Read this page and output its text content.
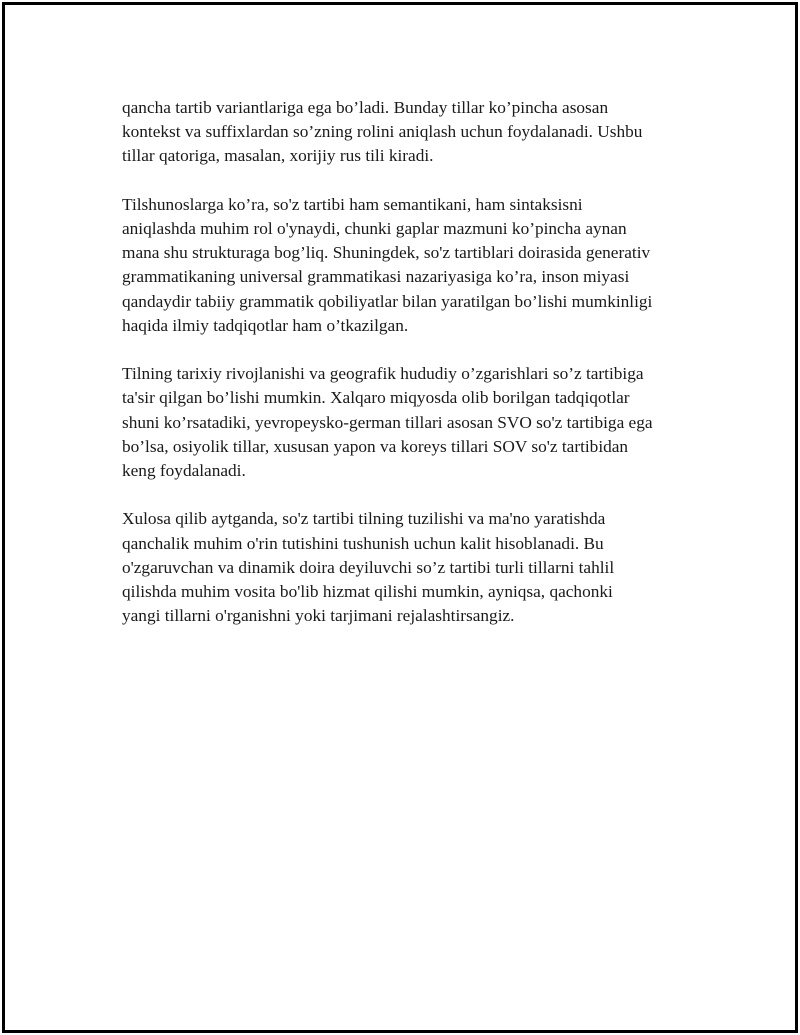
qancha tartib variantlariga ega bo’ladi. Bunday tillar ko’pincha asosan
kontekst va suffixlardan so’zning rolini aniqlash uchun foydalanadi. Ushbu
tillar qatoriga, masalan, xorijiy rus tili kiradi.

Tilshunoslarga ko’ra, so'z tartibi ham semantikani, ham sintaksisni
aniqlashda muhim rol o'ynaydi, chunki gaplar mazmuni ko’pincha aynan
mana shu strukturaga bog’liq. Shuningdek, so'z tartiblari doirasida generativ
grammatikaning universal grammatikasi nazariyasiga ko’ra, inson miyasi
qandaydir tabiiy grammatik qobiliyatlar bilan yaratilgan bo’lishi mumkinligi
haqida ilmiy tadqiqotlar ham o’tkazilgan.

Tilning tarixiy rivojlanishi va geografik hududiy o’zgarishlari so’z tartibiga
ta'sir qilgan bo’lishi mumkin. Xalqaro miqyosda olib borilgan tadqiqotlar
shuni ko’rsatadiki, yevropeysko-german tillari asosan SVO so'z tartibiga ega
bo’lsa, osiyolik tillar, xususan yapon va koreys tillari SOV so'z tartibidan
keng foydalanadi.

Xulosa qilib aytganda, so'z tartibi tilning tuzilishi va ma'no yaratishda
qanchalik muhim o'rin tutishini tushunish uchun kalit hisoblanadi. Bu
o'zgaruvchan va dinamik doira deyiluvchi so’z tartibi turli tillarni tahlil
qilishda muhim vosita bo'lib hizmat qilishi mumkin, ayniqsa, qachonki
yangi tillarni o'rganishni yoki tarjimani rejalashtirsangiz.
